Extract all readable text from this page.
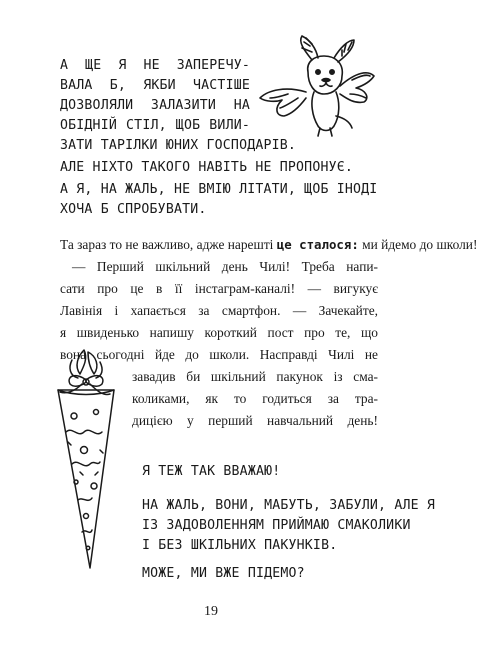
А ЩЕ Я НЕ ЗАПЕРЕЧУ-
ВАЛА Б, ЯКБИ ЧАСТІШЕ
ДОЗВОЛЯЛИ ЗАЛАЗИТИ НА
ОБІДНІЙ СТІЛ, ЩОБ ВИЛИ-
ЗАТИ ТАРІЛКИ ЮНИХ ГОСПОДАРІВ.
АЛЕ НІХТО ТАКОГО НАВІТЬ НЕ ПРОПОНУЄ.
А Я, НА ЖАЛЬ, НЕ ВМІЮ ЛІТАТИ, ЩОБ ІНОДІ
ХОЧА Б СПРОБУВАТИ.
Та зараз то не важливо, адже нарешті це сталося: ми йдемо до школи!
— Перший шкільний день Чилі! Треба напи-
сати про це в її інстаграм-каналі! — вигукує
Лавінія і хапається за смартфон. — Зачекайте,
я швиденько напишу короткий пост про те, що
вона сьогодні йде до школи. Насправді Чилі не
завадив би шкільний пакунок із сма-
коликами, як то годиться за тра-
дицією у перший навчальний день!
Я ТЕЖ ТАК ВВАЖАЮ!
НА ЖАЛЬ, ВОНИ, МАБУТЬ, ЗАБУЛИ, АЛЕ Я
ІЗ ЗАДОВОЛЕННЯМ ПРИЙМАЮ СМАКОЛИКИ
І БЕЗ ШКІЛЬНИХ ПАКУНКІВ.
МОЖЕ, МИ ВЖЕ ПІДЕМО?
19
